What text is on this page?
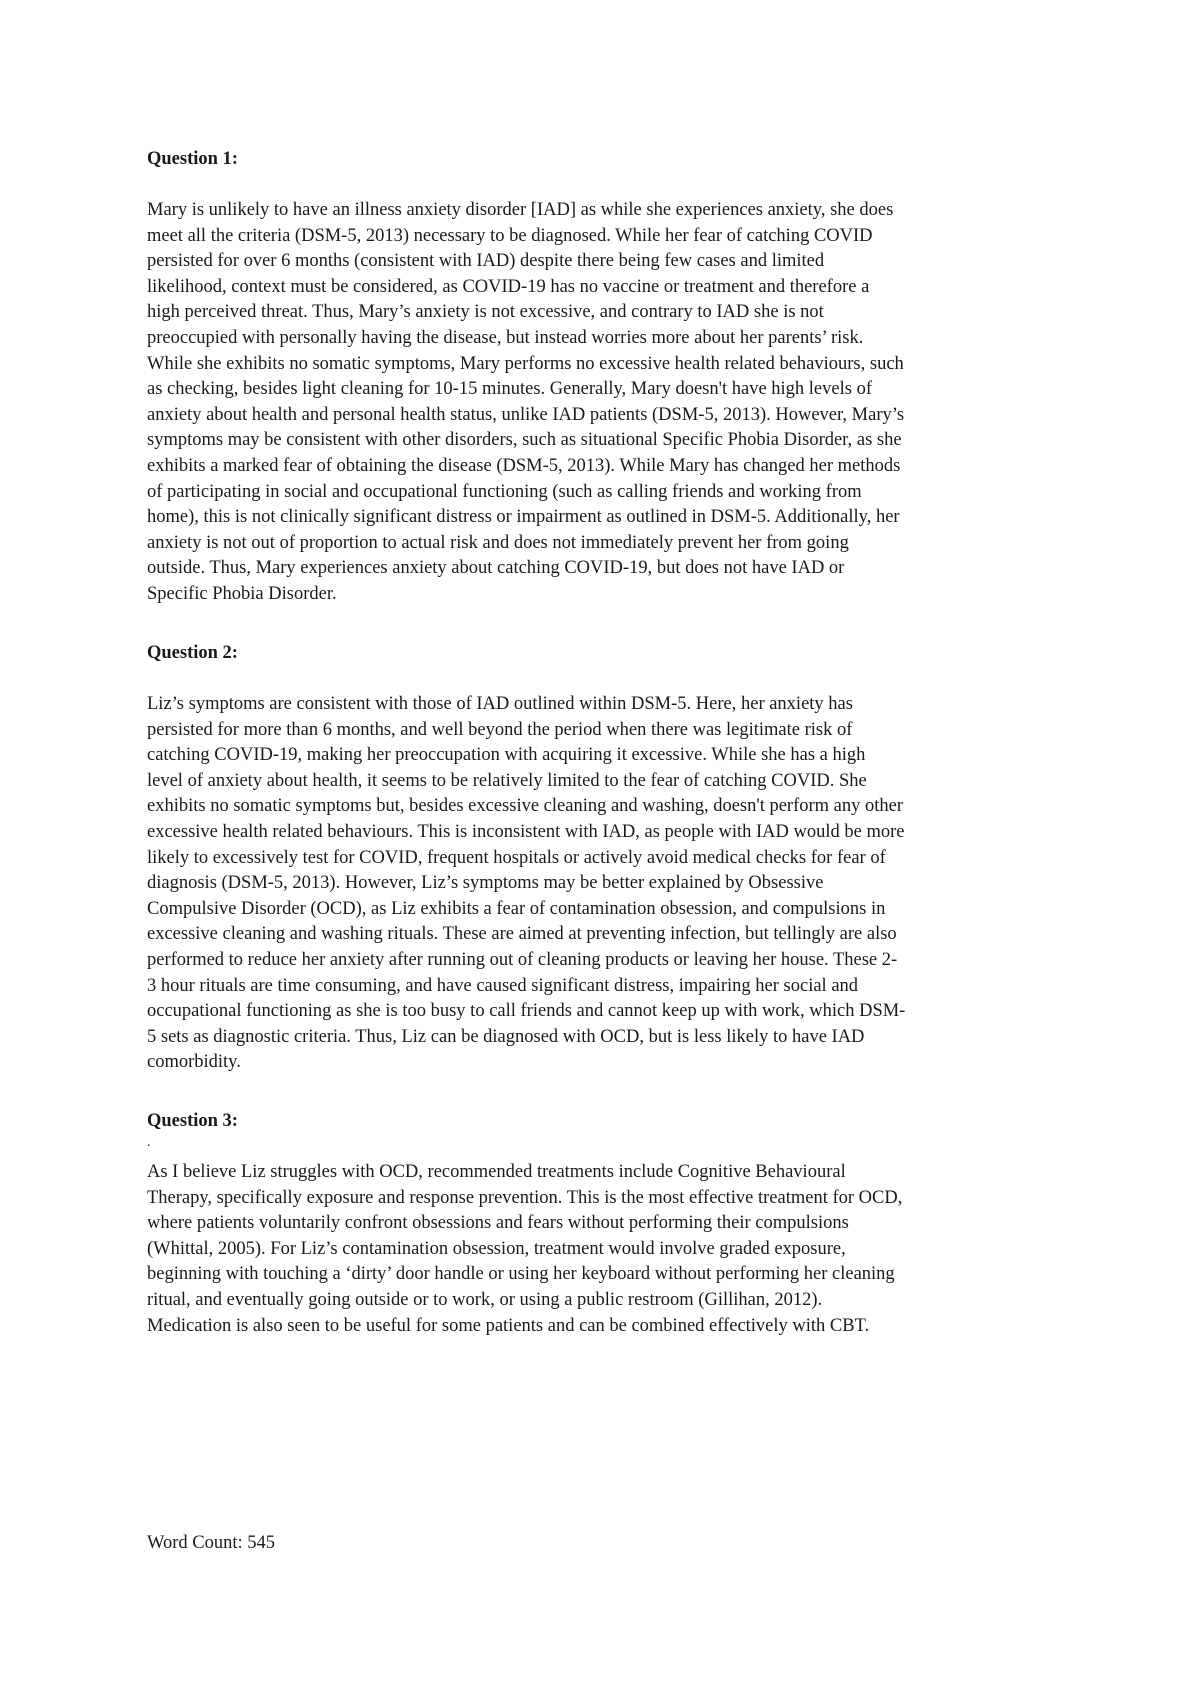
Question 1:

Mary is unlikely to have an illness anxiety disorder [IAD] as while she experiences anxiety, she does
meet all the criteria (DSM-5, 2013) necessary to be diagnosed. While her fear of catching COVID
persisted for over 6 months (consistent with IAD) despite there being few cases and limited
likelihood, context must be considered, as COVID-19 has no vaccine or treatment and therefore a
high perceived threat. Thus, Mary’s anxiety is not excessive, and contrary to IAD she is not
preoccupied with personally having the disease, but instead worries more about her parents’ risk.
While she exhibits no somatic symptoms, Mary performs no excessive health related behaviours, such
as checking, besides light cleaning for 10-15 minutes. Generally, Mary doesn't have high levels of
anxiety about health and personal health status, unlike IAD patients (DSM-5, 2013). However, Mary’s
symptoms may be consistent with other disorders, such as situational Specific Phobia Disorder, as she
exhibits a marked fear of obtaining the disease (DSM-5, 2013). While Mary has changed her methods
of participating in social and occupational functioning (such as calling friends and working from
home), this is not clinically significant distress or impairment as outlined in DSM-5. Additionally, her
anxiety is not out of proportion to actual risk and does not immediately prevent her from going
outside. Thus, Mary experiences anxiety about catching COVID-19, but does not have IAD or
Specific Phobia Disorder.

Question 2:

Liz’s symptoms are consistent with those of IAD outlined within DSM-5. Here, her anxiety has
persisted for more than 6 months, and well beyond the period when there was legitimate risk of
catching COVID-19, making her preoccupation with acquiring it excessive. While she has a high
level of anxiety about health, it seems to be relatively limited to the fear of catching COVID. She
exhibits no somatic symptoms but, besides excessive cleaning and washing, doesn't perform any other
excessive health related behaviours. This is inconsistent with IAD, as people with IAD would be more
likely to excessively test for COVID, frequent hospitals or actively avoid medical checks for fear of
diagnosis (DSM-5, 2013). However, Liz’s symptoms may be better explained by Obsessive
Compulsive Disorder (OCD), as Liz exhibits a fear of contamination obsession, and compulsions in
excessive cleaning and washing rituals. These are aimed at preventing infection, but tellingly are also
performed to reduce her anxiety after running out of cleaning products or leaving her house. These 2-
3 hour rituals are time consuming, and have caused significant distress, impairing her social and
occupational functioning as she is too busy to call friends and cannot keep up with work, which DSM-
5 sets as diagnostic criteria. Thus, Liz can be diagnosed with OCD, but is less likely to have IAD
comorbidity.

Question 3:

.
As I believe Liz struggles with OCD, recommended treatments include Cognitive Behavioural
Therapy, specifically exposure and response prevention. This is the most effective treatment for OCD,
where patients voluntarily confront obsessions and fears without performing their compulsions
(Whittal, 2005). For Liz’s contamination obsession, treatment would involve graded exposure,
beginning with touching a ‘dirty’ door handle or using her keyboard without performing her cleaning
ritual, and eventually going outside or to work, or using a public restroom (Gillihan, 2012).
Medication is also seen to be useful for some patients and can be combined effectively with CBT.

Word Count: 545
